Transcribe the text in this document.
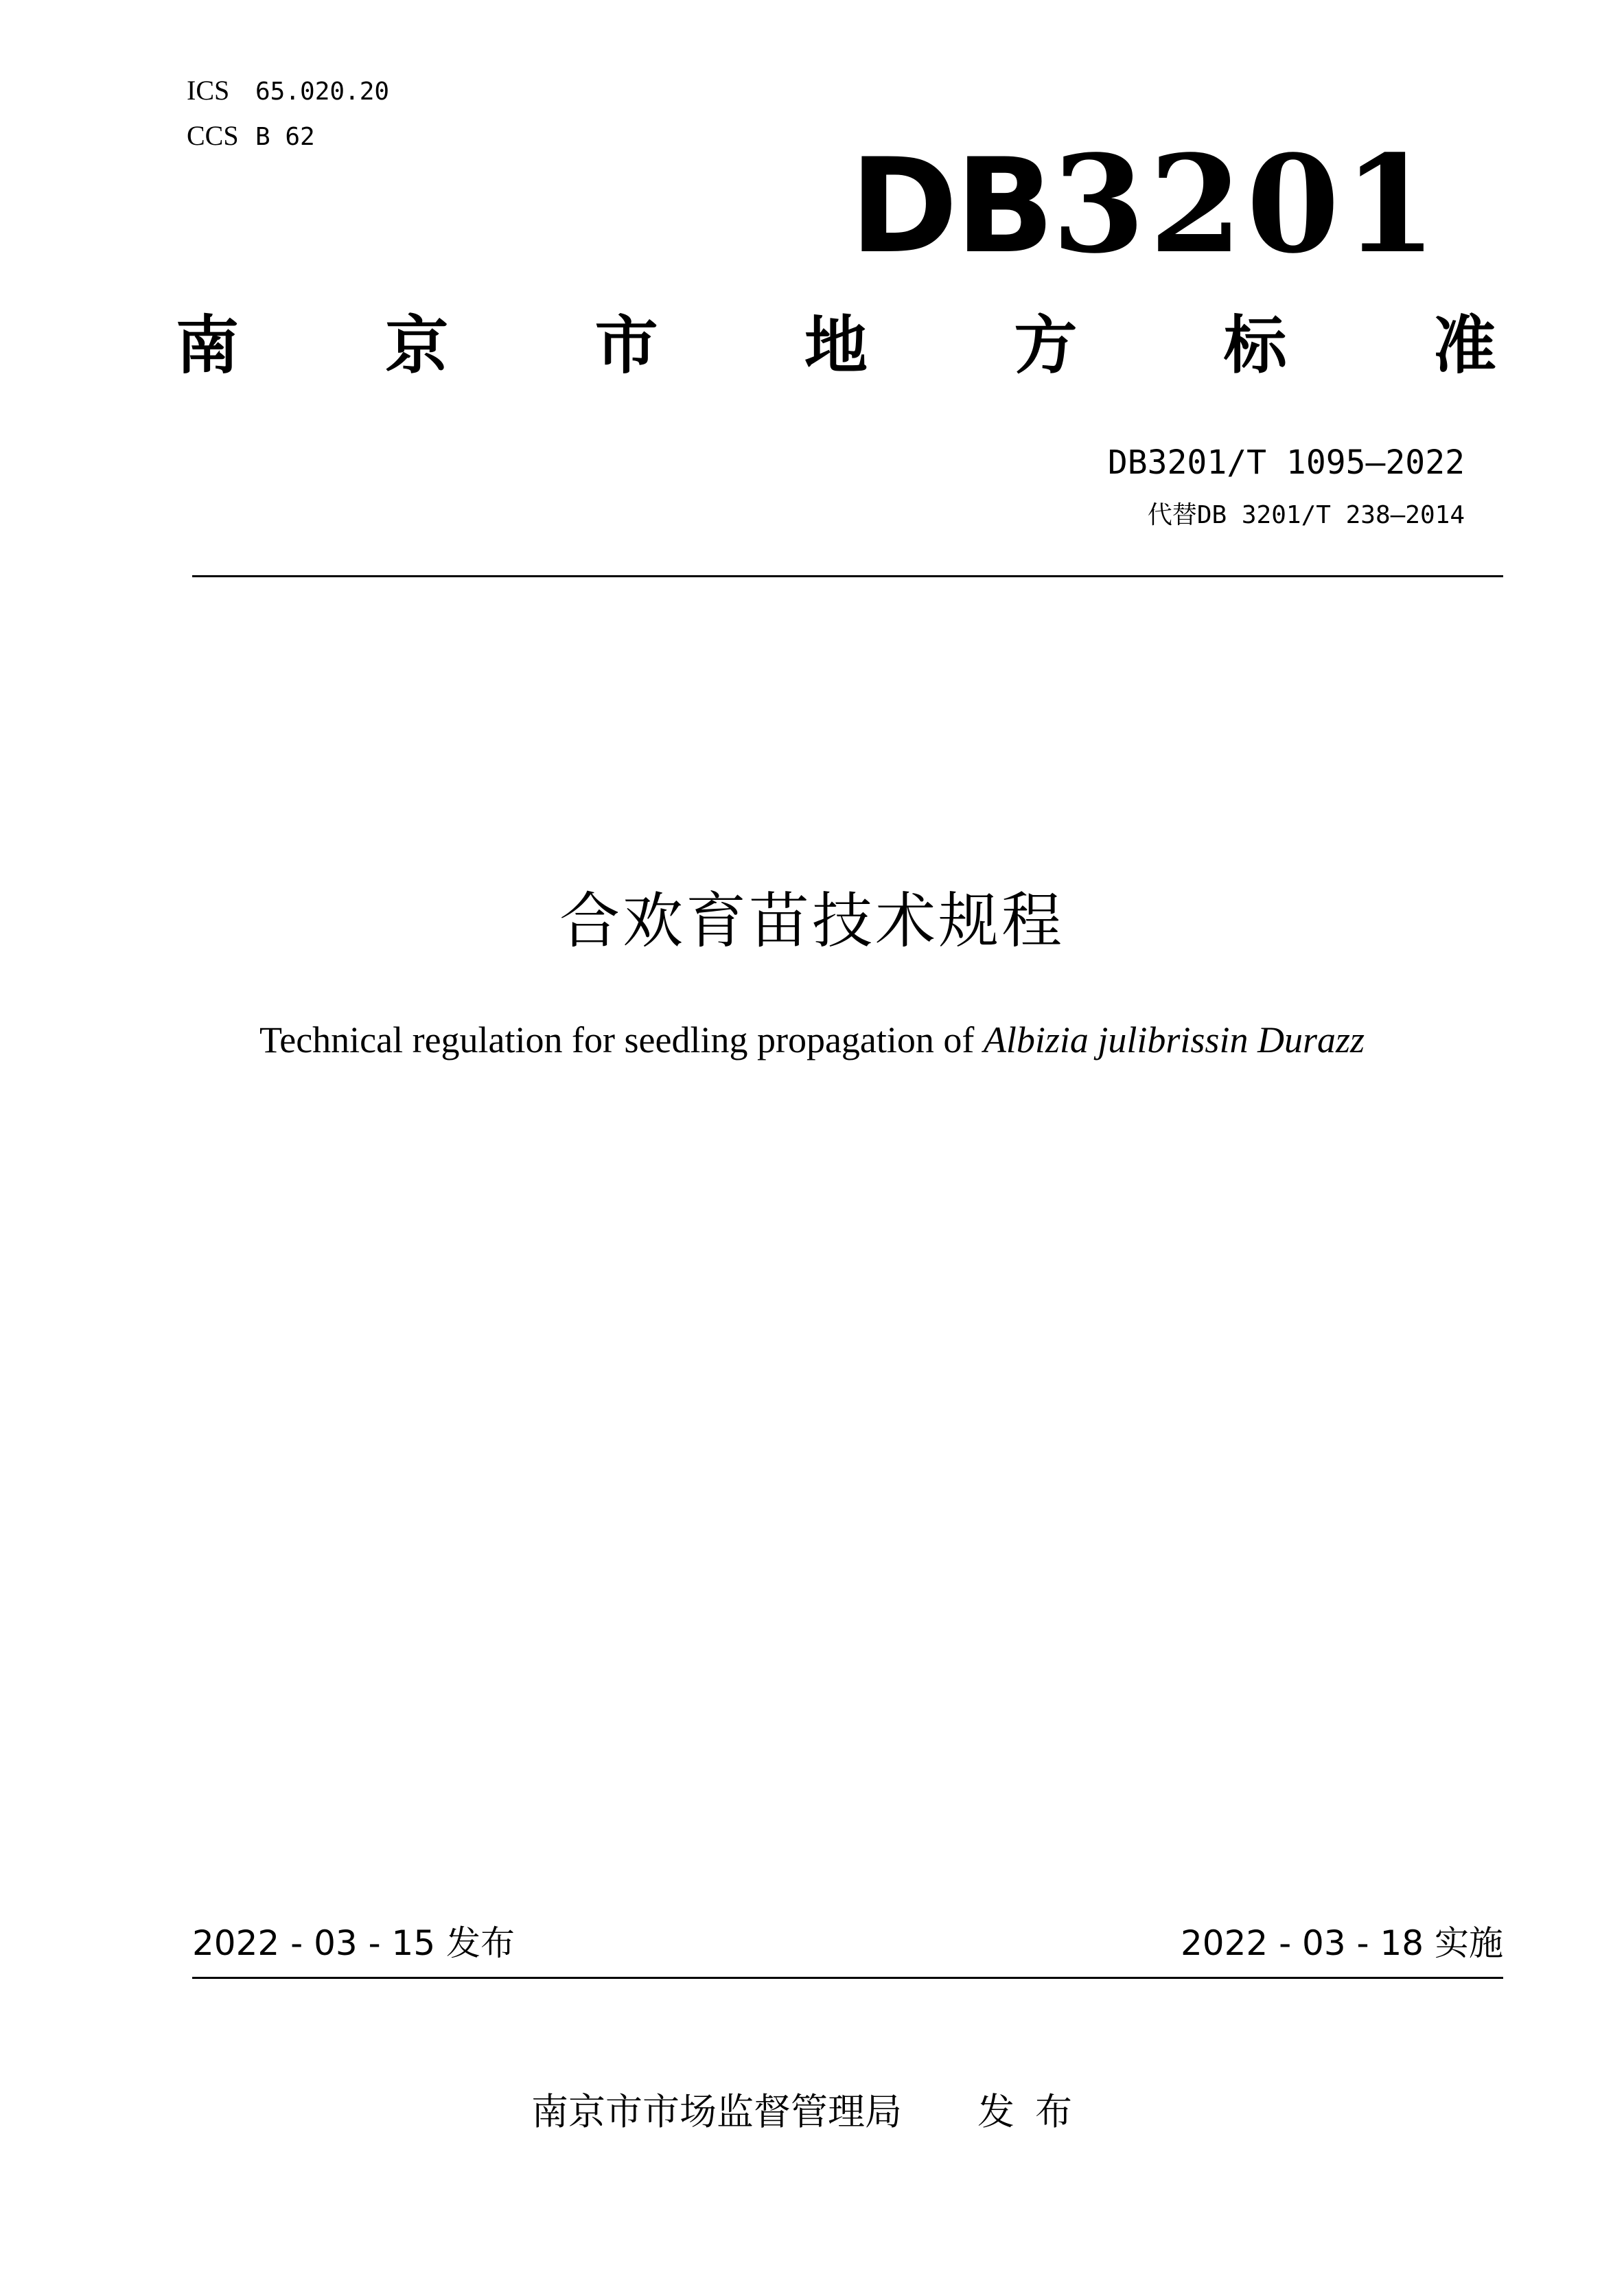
ICS 65.020.20
CCS B 62	DB3201
南 京 市 地 方 标 准
DB3201/T 1095—2022
代替DB 3201/T 238—2014
合欢育苗技术规程
Technical regulation for seedling propagation of Albizia julibrissin Durazz
2022 - 03 - 15 发布	2022 - 03 - 18 实施
南京市市场监督管理局 发布
